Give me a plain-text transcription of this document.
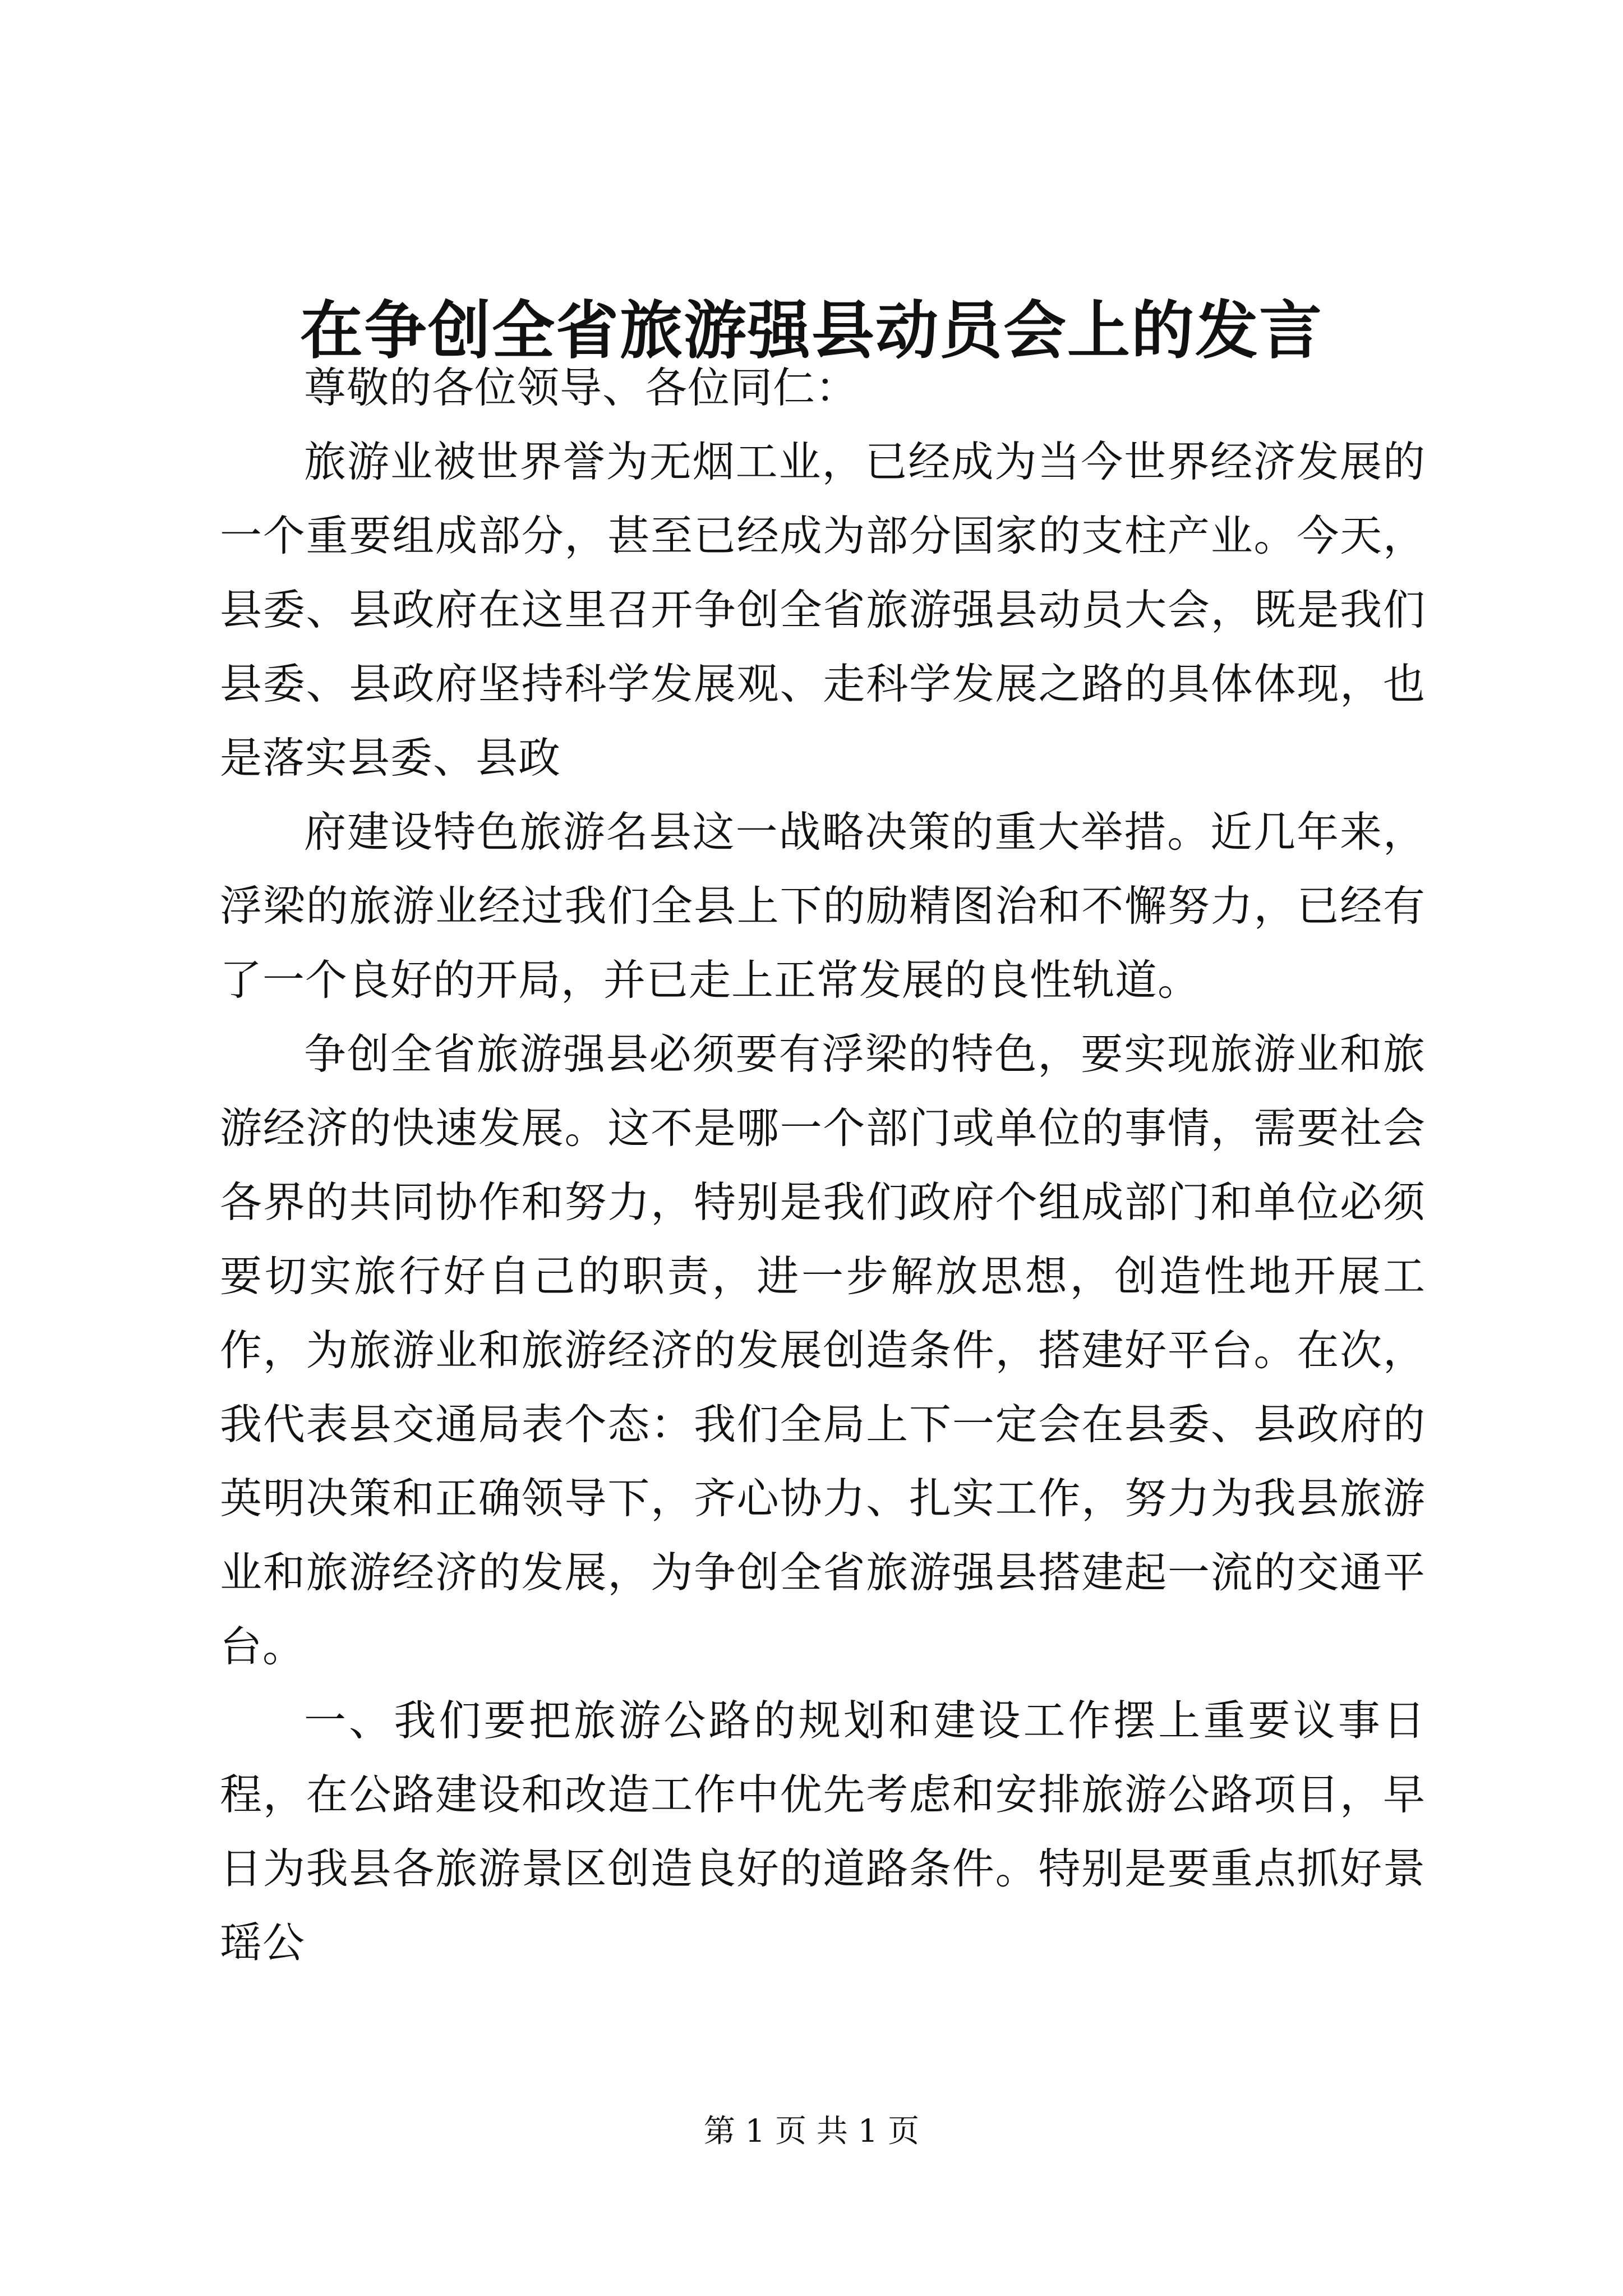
在争创全省旅游强县动员会上的发言

尊敬的各位领导、各位同仁：

旅游业被世界誉为无烟工业，已经成为当今世界经济发展的一个重要组成部分，甚至已经成为部分国家的支柱产业。今天，县委、县政府在这里召开争创全省旅游强县动员大会，既是我们县委、县政府坚持科学发展观、走科学发展之路的具体体现，也是落实县委、县政

府建设特色旅游名县这一战略决策的重大举措。近几年来，浮梁的旅游业经过我们全县上下的励精图治和不懈努力，已经有了一个良好的开局，并已走上正常发展的良性轨道。

争创全省旅游强县必须要有浮梁的特色，要实现旅游业和旅游经济的快速发展。这不是哪一个部门或单位的事情，需要社会各界的共同协作和努力，特别是我们政府个组成部门和单位必须要切实旅行好自己的职责，进一步解放思想，创造性地开展工作，为旅游业和旅游经济的发展创造条件，搭建好平台。在次，我代表县交通局表个态：我们全局上下一定会在县委、县政府的英明决策和正确领导下，齐心协力、扎实工作，努力为我县旅游业和旅游经济的发展，为争创全省旅游强县搭建起一流的交通平台。

一、我们要把旅游公路的规划和建设工作摆上重要议事日程，在公路建设和改造工作中优先考虑和安排旅游公路项目，早日为我县各旅游景区创造良好的道路条件。特别是要重点抓好景瑶公

第 1 页 共 1 页
